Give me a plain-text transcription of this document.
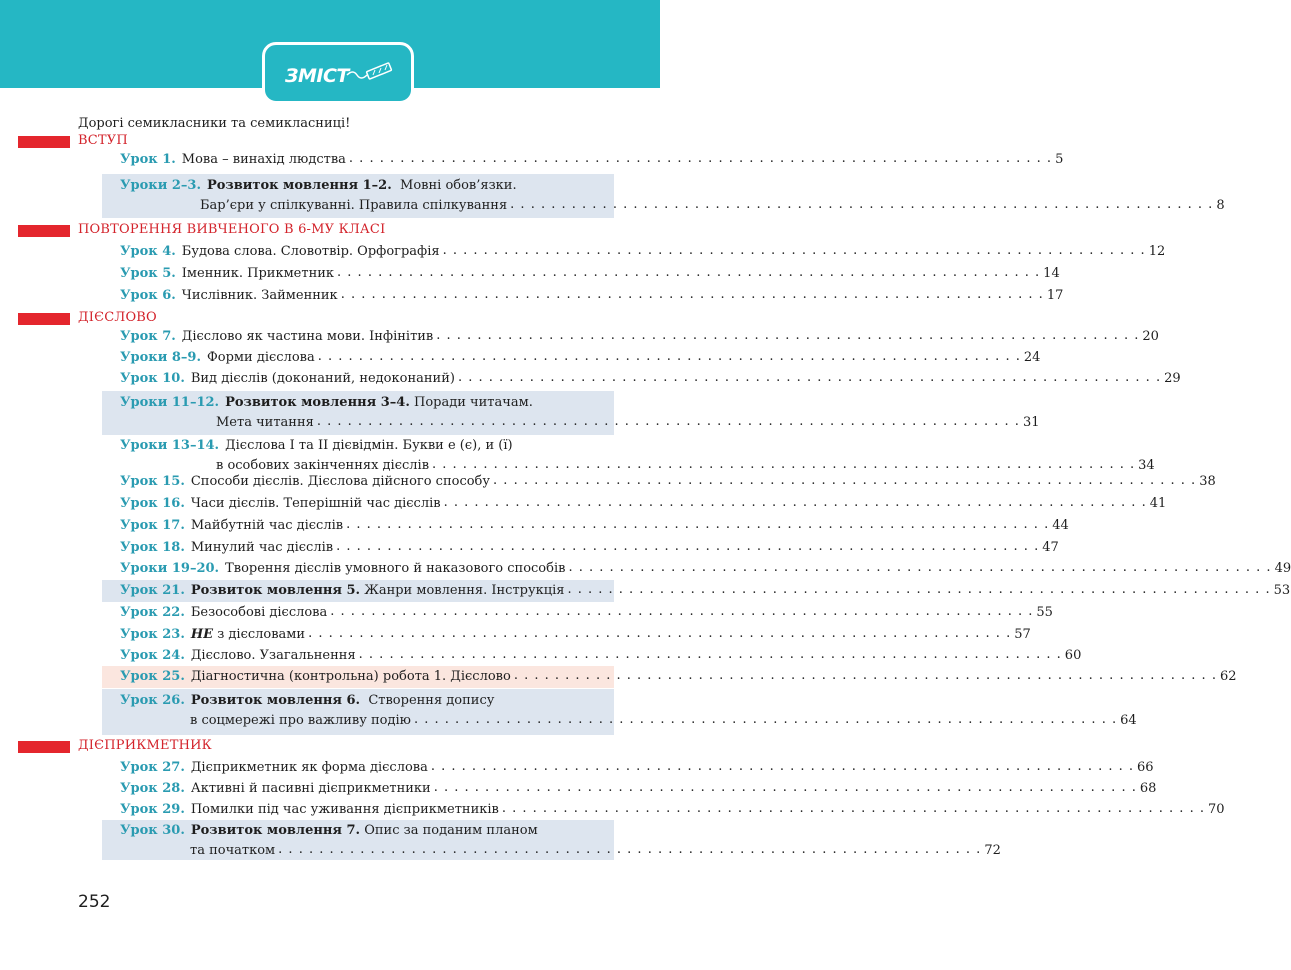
ЗМІСТ
Дорогі семикласники та семикласниці!
ВСТУП
Урок 1. Мова – винахід людства . . .	5
Уроки 2–3. Розвиток мовлення 1–2. Мовні обов’язки.
Бар’єри у спілкуванні. Правила спілкування . . .	8
ПОВТОРЕННЯ ВИВЧЕНОГО В 6-МУ КЛАСІ
Урок 4. Будова слова. Словотвір. Орфографія . . .	12
Урок 5. Іменник. Прикметник . . .	14
Урок 6. Числівник. Займенник . . .	17
ДІЄСЛОВО
Урок 7. Дієслово як частина мови. Інфінітив . . .	20
Уроки 8–9. Форми дієслова . . .	24
Урок 10. Вид дієслів (доконаний, недоконаний) . . .	29
Уроки 11–12. Розвиток мовлення 3–4. Поради читачам.
Мета читання . . .	31
Уроки 13–14. Дієслова I та II дієвідмін. Букви е (є), и (ї)
в особових закінченнях дієслів . . .	34
Урок 15. Способи дієслів. Дієслова дійсного способу . . .	38
Урок 16. Часи дієслів. Теперішній час дієслів . . .	41
Урок 17. Майбутній час дієслів . . .	44
Урок 18. Минулий час дієслів . . .	47
Уроки 19–20. Творення дієслів умовного й наказового способів . . .	49
Урок 21. Розвиток мовлення 5. Жанри мовлення. Інструкція . . .	53
Урок 22. Безособові дієслова . . .	55
Урок 23. НЕ з дієсловами . . .	57
Урок 24. Дієслово. Узагальнення . . .	60
Урок 25. Діагностична (контрольна) робота 1. Дієслово . . .	62
Урок 26. Розвиток мовлення 6. Створення допису
в соцмережі про важливу подію . . .	64
ДІЄПРИКМЕТНИК
Урок 27. Дієприкметник як форма дієслова . . .	66
Урок 28. Активні й пасивні дієприкметники . . .	68
Урок 29. Помилки під час уживання дієприкметників . . .	70
Урок 30. Розвиток мовлення 7. Опис за поданим планом
та початком . . .	72
252
